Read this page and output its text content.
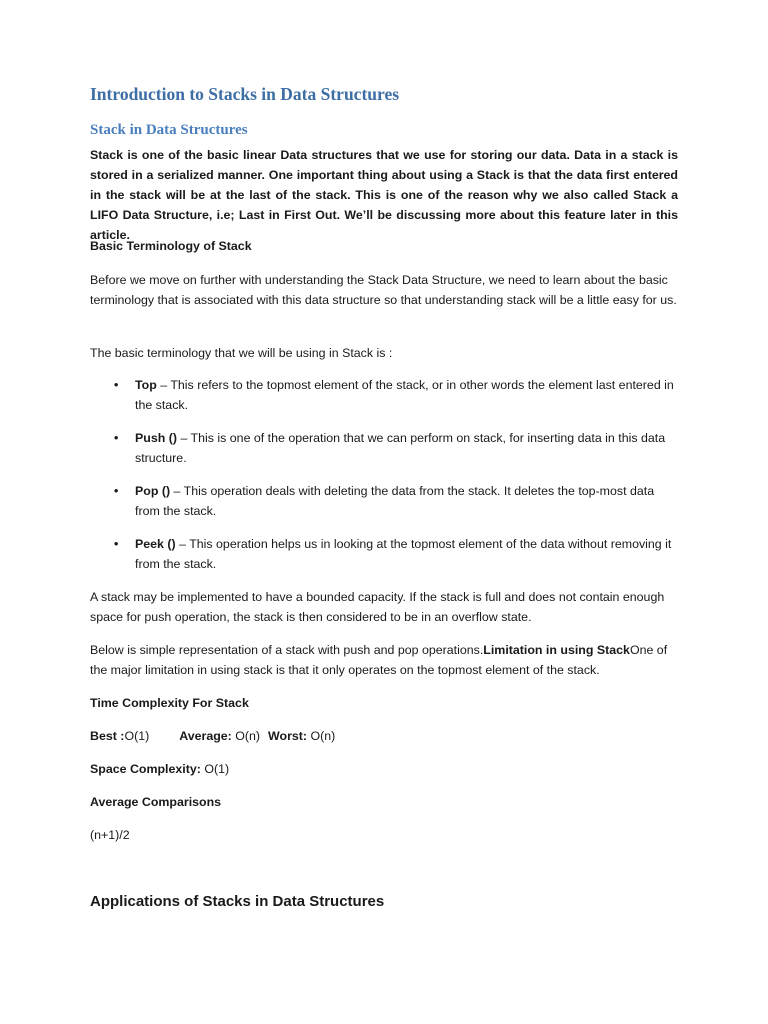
Introduction to Stacks in Data Structures
Stack in Data Structures

Stack is one of the basic linear Data structures that we use for storing our data. Data in a stack is stored in a serialized manner. One important thing about using a Stack is that the data first entered in the stack will be at the last of the stack. This is one of the reason why we also called Stack a LIFO Data Structure, i.e; Last in First Out. We’ll be discussing more about this feature later in this article.

Basic Terminology of Stack

Before we move on further with understanding the Stack Data Structure, we need to learn about the basic terminology that is associated with this data structure so that understanding stack will be a little easy for us.

The basic terminology that we will be using in Stack is :

• Top – This refers to the topmost element of the stack, or in other words the element last entered in the stack.
• Push () – This is one of the operation that we can perform on stack, for inserting data in this data structure.
• Pop () – This operation deals with deleting the data from the stack. It deletes the top-most data from the stack.
• Peek () – This operation helps us in looking at the topmost element of the data without removing it from the stack.

A stack may be implemented to have a bounded capacity. If the stack is full and does not contain enough space for push operation, the stack is then considered to be in an overflow state.

Below is simple representation of a stack with push and pop operations.Limitation in using StackOne of the major limitation in using stack is that it only operates on the topmost element of the stack.

Time Complexity For Stack

Best :O(1) Average: O(n) Worst: O(n)

Space Complexity: O(1)

Average Comparisons

(n+1)/2

Applications of Stacks in Data Structures
